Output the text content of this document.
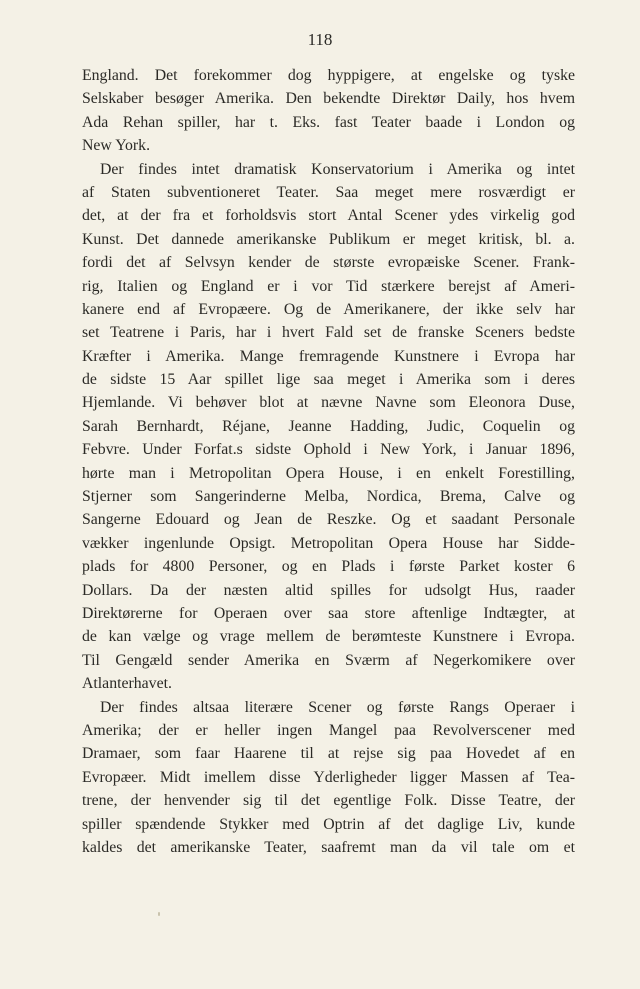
118
England. Det forekommer dog hyppigere, at engelske og tyske
Selskaber besøger Amerika. Den bekendte Direktør Daily, hos hvem
Ada Rehan spiller, har t. Eks. fast Teater baade i London og
New York.
Der findes intet dramatisk Konservatorium i Amerika og intet
af Staten subventioneret Teater. Saa meget mere rosværdigt er
det, at der fra et forholdsvis stort Antal Scener ydes virkelig god
Kunst. Det dannede amerikanske Publikum er meget kritisk, bl. a.
fordi det af Selvsyn kender de største evropæiske Scener. Frank-
rig, Italien og England er i vor Tid stærkere berejst af Ameri-
kanere end af Evropæere. Og de Amerikanere, der ikke selv har
set Teatrene i Paris, har i hvert Fald set de franske Sceners bedste
Kræfter i Amerika. Mange fremragende Kunstnere i Evropa har
de sidste 15 Aar spillet lige saa meget i Amerika som i deres
Hjemlande. Vi behøver blot at nævne Navne som Eleonora Duse,
Sarah Bernhardt, Réjane, Jeanne Hadding, Judic, Coquelin og
Febvre. Under Forfat.s sidste Ophold i New York, i Januar 1896,
hørte man i Metropolitan Opera House, i en enkelt Forestilling,
Stjerner som Sangerinderne Melba, Nordica, Brema, Calve og
Sangerne Edouard og Jean de Reszke. Og et saadant Personale
vækker ingenlunde Opsigt. Metropolitan Opera House har Sidde-
plads for 4800 Personer, og en Plads i første Parket koster 6
Dollars. Da der næsten altid spilles for udsolgt Hus, raader
Direktørerne for Operaen over saa store aftenlige Indtægter, at
de kan vælge og vrage mellem de berømteste Kunstnere i Evropa.
Til Gengæld sender Amerika en Sværm af Negerkomikere over
Atlanterhavet.
Der findes altsaa literære Scener og første Rangs Operaer i
Amerika; der er heller ingen Mangel paa Revolverscener med
Dramaer, som faar Haarene til at rejse sig paa Hovedet af en
Evropæer. Midt imellem disse Yderligheder ligger Massen af Tea-
trene, der henvender sig til det egentlige Folk. Disse Teatre, der
spiller spændende Stykker med Optrin af det daglige Liv, kunde
kaldes det amerikanske Teater, saafremt man da vil tale om et
